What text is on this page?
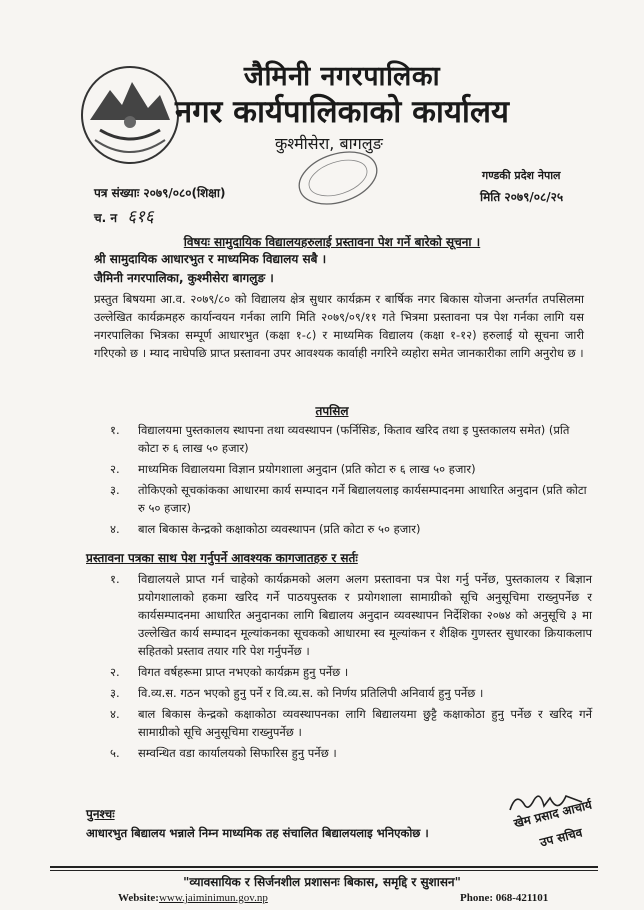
जैमिनी नगरपालिका
नगर कार्यपालिकाको कार्यालय
कुश्मीसेरा, बागलुङ
गण्डकी प्रदेश नेपाल
मिति २०७९/०८/२५
पत्र संख्याः २०७९/०८०(शिक्षा)
च. न ६१६
विषयः सामुदायिक विद्यालयहरुलाई प्रस्तावना पेश गर्ने बारेको सूचना ।
श्री सामुदायिक आधारभुत र माध्यमिक विद्यालय सबै ।
जैमिनी नगरपालिका, कुश्मीसेरा बागलुङ ।
प्रस्तुत बिषयमा आ.व. २०७९/८० को विद्यालय क्षेत्र सुधार कार्यक्रम र बार्षिक नगर बिकास योजना अन्तर्गत तपसिलमा उल्लेखित कार्यक्रमहरु कार्यान्वयन गर्नका लागि मिति २०७९/०९/११ गते भित्रमा प्रस्तावना पत्र पेश गर्नका लागि यस नगरपालिका भित्रका सम्पूर्ण आधारभुत (कक्षा १-८) र माध्यमिक विद्यालय (कक्षा १-१२) हरुलाई यो सूचना जारी गरिएको छ । म्याद नाघेपछि प्राप्त प्रस्तावना उपर आवश्यक कार्वाही नगरिने व्यहोरा समेत जानकारीका लागि अनुरोध छ ।
तपसिल
१.	विद्यालयमा पुस्तकालय स्थापना तथा व्यवस्थापन (फर्निसिङ, किताव खरिद तथा इ पुस्तकालय समेत) (प्रति कोटा रु ६ लाख ५० हजार)
२.	माध्यमिक विद्यालयमा विज्ञान प्रयोगशाला अनुदान (प्रति कोटा रु ६ लाख ५० हजार)
३.	तोकिएको सूचकांकका आधारमा कार्य सम्पादन गर्ने बिद्यालयलाइ कार्यसम्पादनमा आधारित अनुदान (प्रति कोटा रु ५० हजार)
४.	बाल बिकास केन्द्रको कक्षाकोठा व्यवस्थापन (प्रति कोटा रु ५० हजार)
प्रस्तावना पत्रका साथ पेश गर्नुपर्ने आवश्यक कागजातहरु र सर्तः
१.	विद्यालयले प्राप्त गर्न चाहेको कार्यक्रमको अलग अलग प्रस्तावना पत्र पेश गर्नु पर्नेछ, पुस्तकालय र बिज्ञान प्रयोगशालाको हकमा खरिद गर्ने पाठयपुस्तक र प्रयोगशाला सामाग्रीको सूचि अनुसूचिमा राख्नुपर्नेछ र कार्यसम्पादनमा आधारित अनुदानका लागि बिद्यालय अनुदान व्यवस्थापन निर्देशिका २०७४ को अनुसूचि ३ मा उल्लेखित कार्य सम्पादन मूल्यांकनका सूचकको आधारमा स्व मूल्यांकन र शैक्षिक गुणस्तर सुधारका क्रियाकलाप सहितको प्रस्ताव तयार गरि पेश गर्नुपर्नेछ ।
२.	विगत वर्षहरूमा प्राप्त नभएको कार्यक्रम हुनु पर्नेछ ।
३.	वि.व्य.स. गठन भएको हुनु पर्ने र वि.व्य.स. को निर्णय प्रतिलिपी अनिवार्य हुनु पर्नेछ ।
४.	बाल बिकास केन्द्रको कक्षाकोठा व्यवस्थापनका लागि बिद्यालयमा छुट्टै कक्षाकोठा हुनु पर्नेछ र खरिद गर्ने सामाग्रीको सूचि अनुसूचिमा राख्नुपर्नेछ ।
५.	सम्वन्धित वडा कार्यालयको सिफारिस हुनु पर्नेछ ।
खेम प्रसाद आचार्य
उप सचिव
पुनश्चः
आधारभुत बिद्यालय भन्नाले निम्न माध्यमिक तह संचालित बिद्यालयलाइ भनिएकोछ ।
"व्यावसायिक र सिर्जनशील प्रशासनः बिकास, समृद्दि र सुशासन"
Website:www.jaiminimun.gov.np	Phone: 068-421101
